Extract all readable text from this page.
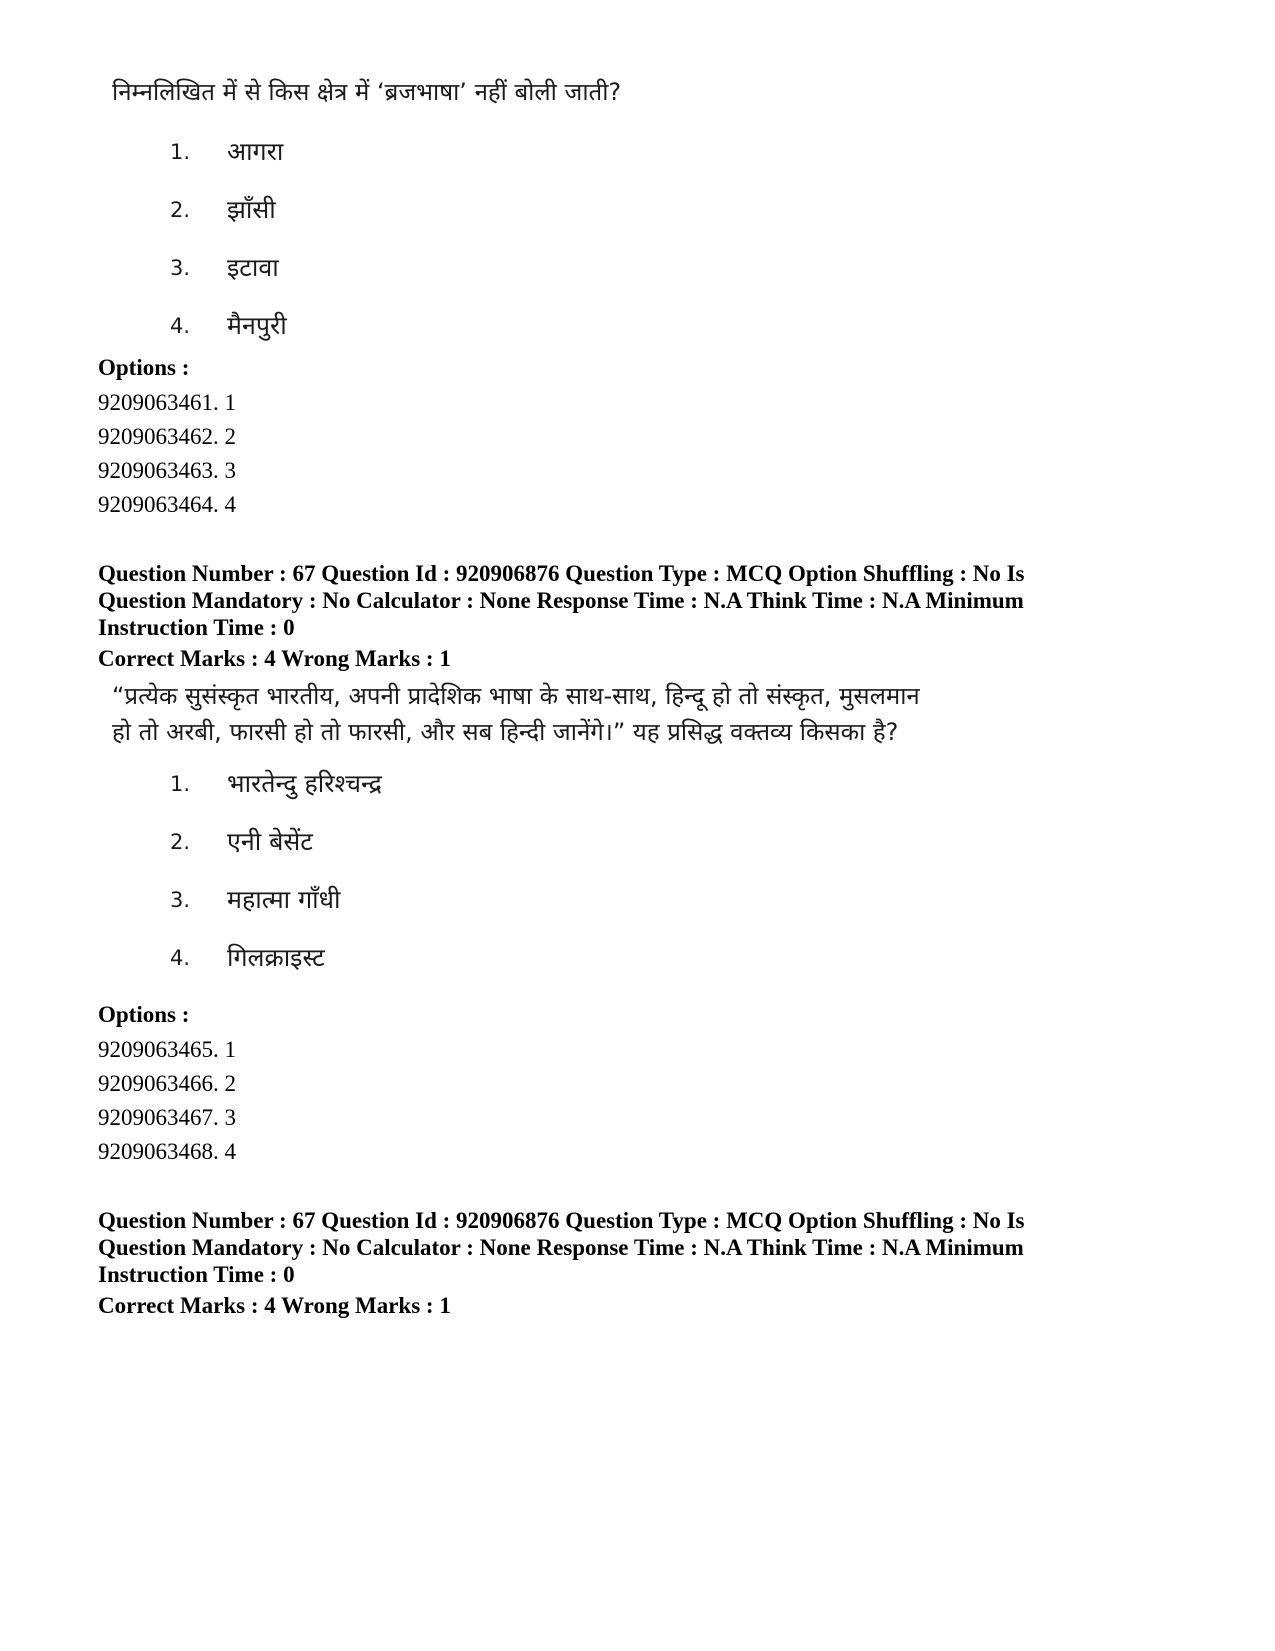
निम्नलिखित में से किस क्षेत्र में ‘ब्रजभाषा’ नहीं बोली जाती?
1.	आगरा
2.	झाँसी
3.	इटावा
4.	मैनपुरी
Options :
9209063461. 1
9209063462. 2
9209063463. 3
9209063464. 4
Question Number : 67 Question Id : 920906876 Question Type : MCQ Option Shuffling : No Is
Question Mandatory : No Calculator : None Response Time : N.A Think Time : N.A Minimum
Instruction Time : 0
Correct Marks : 4 Wrong Marks : 1
“प्रत्येक सुसंस्कृत भारतीय, अपनी प्रादेशिक भाषा के साथ-साथ, हिन्दू हो तो संस्कृत, मुसलमान
हो तो अरबी, फारसी हो तो फारसी, और सब हिन्दी जानेंगे।” यह प्रसिद्ध वक्तव्य किसका है?
1.	भारतेन्दु हरिश्चन्द्र
2.	एनी बेसेंट
3.	महात्मा गाँधी
4.	गिलक्राइस्ट
Options :
9209063465. 1
9209063466. 2
9209063467. 3
9209063468. 4
Question Number : 67 Question Id : 920906876 Question Type : MCQ Option Shuffling : No Is
Question Mandatory : No Calculator : None Response Time : N.A Think Time : N.A Minimum
Instruction Time : 0
Correct Marks : 4 Wrong Marks : 1
